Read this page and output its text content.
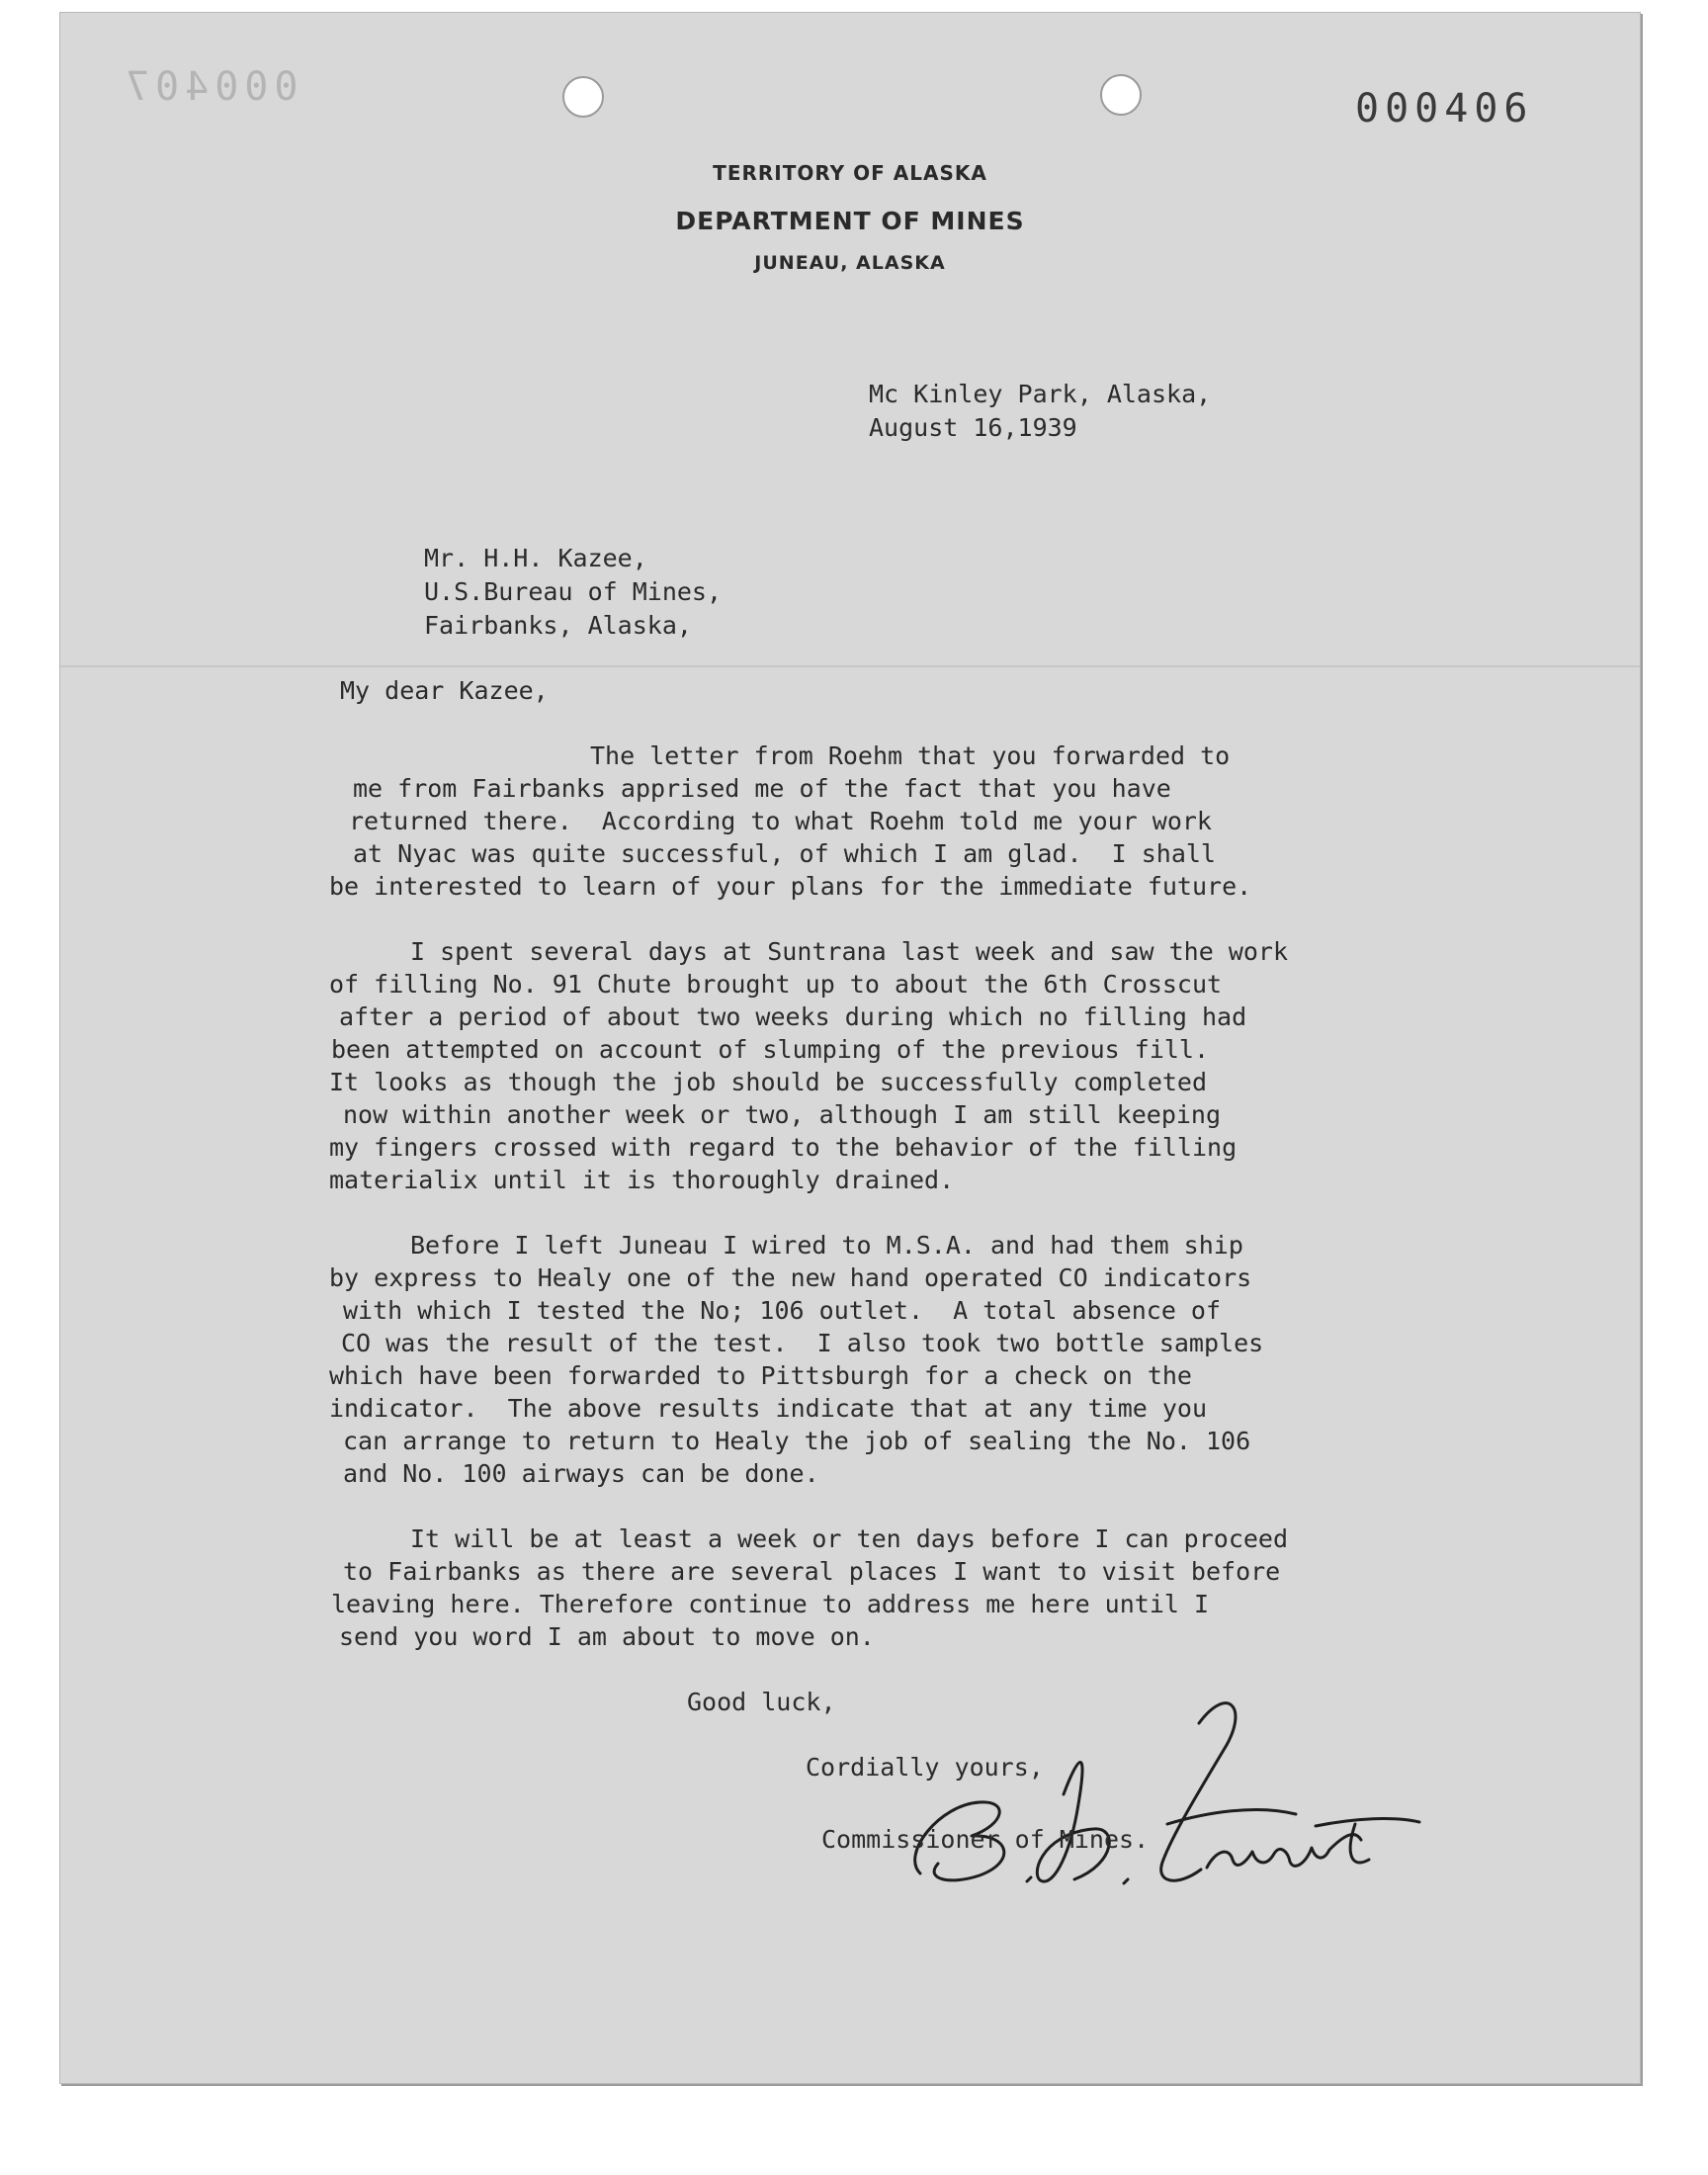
000407	000406
TERRITORY OF ALASKA
DEPARTMENT OF MINES
JUNEAU, ALASKA
Mc Kinley Park, Alaska,
August 16,1939
Mr. H.H. Kazee,
U.S.Bureau of Mines,
Fairbanks, Alaska,
My dear Kazee,
The letter from Roehm that you forwarded to
me from Fairbanks apprised me of the fact that you have
returned there.  According to what Roehm told me your work
at Nyac was quite successful, of which I am glad.  I shall
be interested to learn of your plans for the immediate future.
I spent several days at Suntrana last week and saw the work
of filling No. 91 Chute brought up to about the 6th Crosscut
after a period of about two weeks during which no filling had
been attempted on account of slumping of the previous fill.
It looks as though the job should be successfully completed
now within another week or two, although I am still keeping
my fingers crossed with regard to the behavior of the filling
materialix until it is thoroughly drained.
Before I left Juneau I wired to M.S.A. and had them ship
by express to Healy one of the new hand operated CO indicators
with which I tested the No; 106 outlet.  A total absence of
CO was the result of the test.  I also took two bottle samples
which have been forwarded to Pittsburgh for a check on the
indicator.  The above results indicate that at any time you
can arrange to return to Healy the job of sealing the No. 106
and No. 100 airways can be done.
It will be at least a week or ten days before I can proceed
to Fairbanks as there are several places I want to visit before
leaving here. Therefore continue to address me here until I
send you word I am about to move on.
Good luck,
Cordially yours,
Commissioner of Mines.
